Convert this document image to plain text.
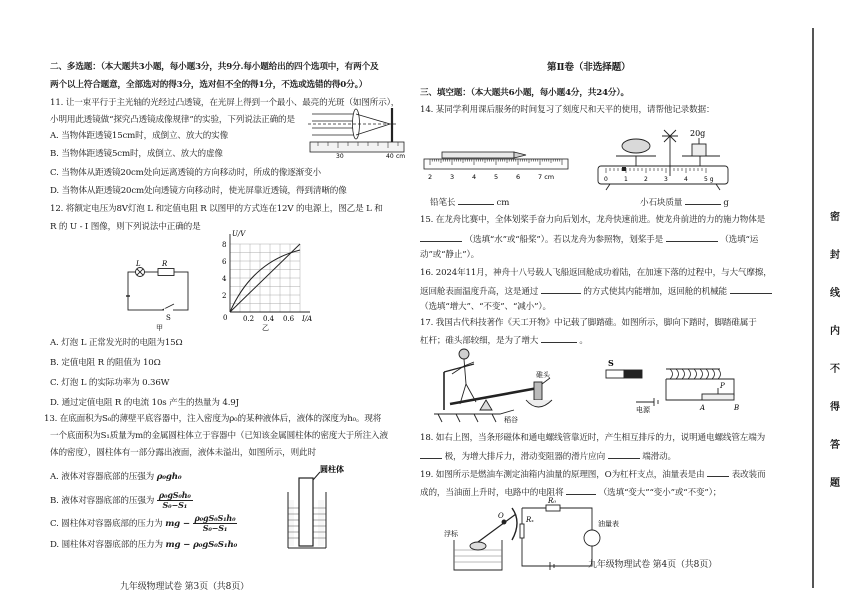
二、多选题：（本大题共3小题，每小题3分，共9分.每小题给出的四个选项中，有两个及
两个以上符合题意，全部选对的得3分，选对但不全的得1分，不选或选错的得0分。）
11. 让一束平行于主光轴的光经过凸透镜，在光屏上得到一个最小、最亮的光斑（如图所示），
小明用此透镜做“探究凸透镜成像规律”的实验，下列说法正确的是
A. 当物体距透镜15cm时，成倒立、放大的实像
B. 当物体距透镜5cm时，成倒立、放大的虚像
C. 当物体从距透镜20cm处向远离透镜的方向移动时，所成的像逐渐变小
D. 当物体从距透镜20cm处向透镜方向移动时，使光屏靠近透镜，得到清晰的像
30	40 cm
12. 将额定电压为8V灯泡 L 和定值电阻 R 以图甲的方式连在12V 的电源上，图乙是 L 和
R 的 U - I 图像，则下列说法中正确的是
L	R
S
甲
2
4
6
8
0.2 0.4 0.6
0
U/V
I/A
乙
A. 灯泡 L 正常发光时的电阻为15Ω
B. 定值电阻 R 的阻值为 10Ω
C. 灯泡 L 的实际功率为 0.36W
D. 通过定值电阻 R 的电流 10s 产生的热量为 4.9J
13. 在底面积为S₀的薄壁平底容器中，注入密度为ρ₀的某种液体后，液体的深度为h₀。现将
一个底面积为S₁质量为m的金属圆柱体立于容器中（已知该金属圆柱体的密度大于所注入液
体的密度），圆柱体有一部分露出液面，液体未溢出，如图所示，则此时
A. 液体对容器底部的压强为 ρ₀gh₀
B. 液体对容器底部的压强为 $\frac{\text{ρ₀gS₀h₀}}{\text{S₀−S₁}}$
C. 圆柱体对容器底部的压力为 mg − $\frac{\text{ρ₀gS₀S₁h₀}}{\text{S₀−S₁}}$
D. 圆柱体对容器底部的压力为 mg − ρ₀gS₀S₁h₀
圆柱体
九年级物理试卷 第3页（共8页）
第Ⅱ卷（非选择题）
三、填空题：（本大题共6小题，每小题4分，共24分）。
14. 某同学利用课后服务的时间复习了刻度尺和天平的使用，请帮他记录数据：
2	3	4	5	6	7 cm
铅笔长	cm
20g
0	1	2	3	4	5 g
小石块质量	g
15. 在龙舟比赛中，全体划桨手奋力向后划水，龙舟快速前进。使龙舟前进的力的施力物体是
（选填“水”或“船桨”）。若以龙舟为参照物，划桨手是	（选填“运
动”或“静止”）。
16. 2024年11月，神舟十八号载人飞船返回舱成功着陆，在加速下落的过程中，与大气摩擦，
返回舱表面温度升高，这是通过	的方式使其内能增加，返回舱的机械能
（选填“增大”、“不变”、“减小”）。
17. 我国古代科技著作《天工开物》中记载了脚踏碓。如图所示，脚向下踏时，脚踏碓属于
杠杆；碓头部较细，是为了增大	。
碓头
稻谷
S
电源	A	B
P
18. 如右上图，当条形磁体和通电螺线管靠近时，产生相互排斥的力，说明通电螺线管左端为
极，为增大排斥力，滑动变阻器的滑片应向	端滑动。
19. 如图所示是燃油车测定油箱内油量的原理图，O为杠杆支点，油量表是由	表改装而
成的，当油面上升时，电路中的电阻将	（选填“变大”“变小”或“不变”）；
浮标
O
R₀
Rₓ	油量表
九年级物理试卷 第4页（共8页）
密
封
线
内
不
得
答
题
